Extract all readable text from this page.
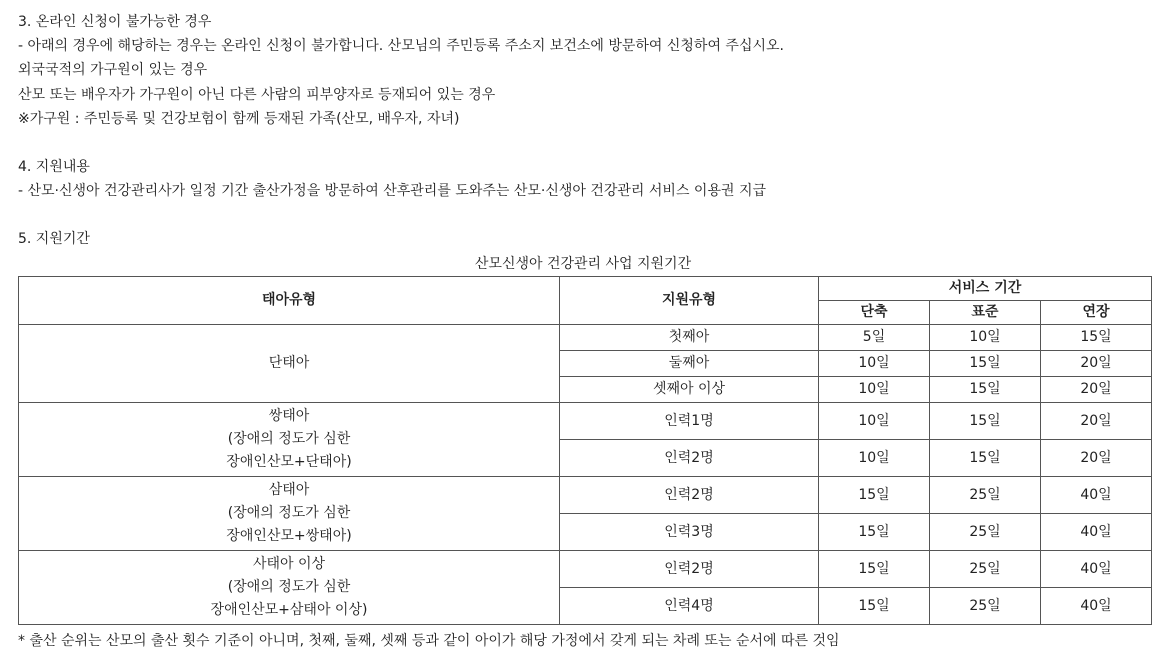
3. 온라인 신청이 불가능한 경우
- 아래의 경우에 해당하는 경우는 온라인 신청이 불가합니다. 산모님의 주민등록 주소지 보건소에 방문하여 신청하여 주십시오.
외국국적의 가구원이 있는 경우
산모 또는 배우자가 가구원이 아닌 다른 사람의 피부양자로 등재되어 있는 경우
※가구원 : 주민등록 및 건강보험이 함께 등재된 가족(산모, 배우자, 자녀)
4. 지원내용
- 산모·신생아 건강관리사가 일정 기간 출산가정을 방문하여 산후관리를 도와주는 산모·신생아 건강관리 서비스 이용권 지급
5. 지원기간
산모신생아 건강관리 사업 지원기간
태아유형	지원유형	서비스 기간		
		단축	표준	연장

단태아	첫째아	5일	10일	15일
	둘째아	10일	15일	20일
	셋째아 이상	10일	15일	20일

쌍태아
(장애의 정도가 심한
장애인산모+단태아)	인력1명	10일	15일	20일
	인력2명	10일	15일	20일

삼태아
(장애의 정도가 심한
장애인산모+쌍태아)	인력2명	15일	25일	40일
	인력3명	15일	25일	40일

사태아 이상
(장애의 정도가 심한
장애인산모+삼태아 이상)	인력2명	15일	25일	40일
	인력4명	15일	25일	40일
* 출산 순위는 산모의 출산 횟수 기준이 아니며, 첫째, 둘째, 셋째 등과 같이 아이가 해당 가정에서 갖게 되는 차례 또는 순서에 따른 것임
